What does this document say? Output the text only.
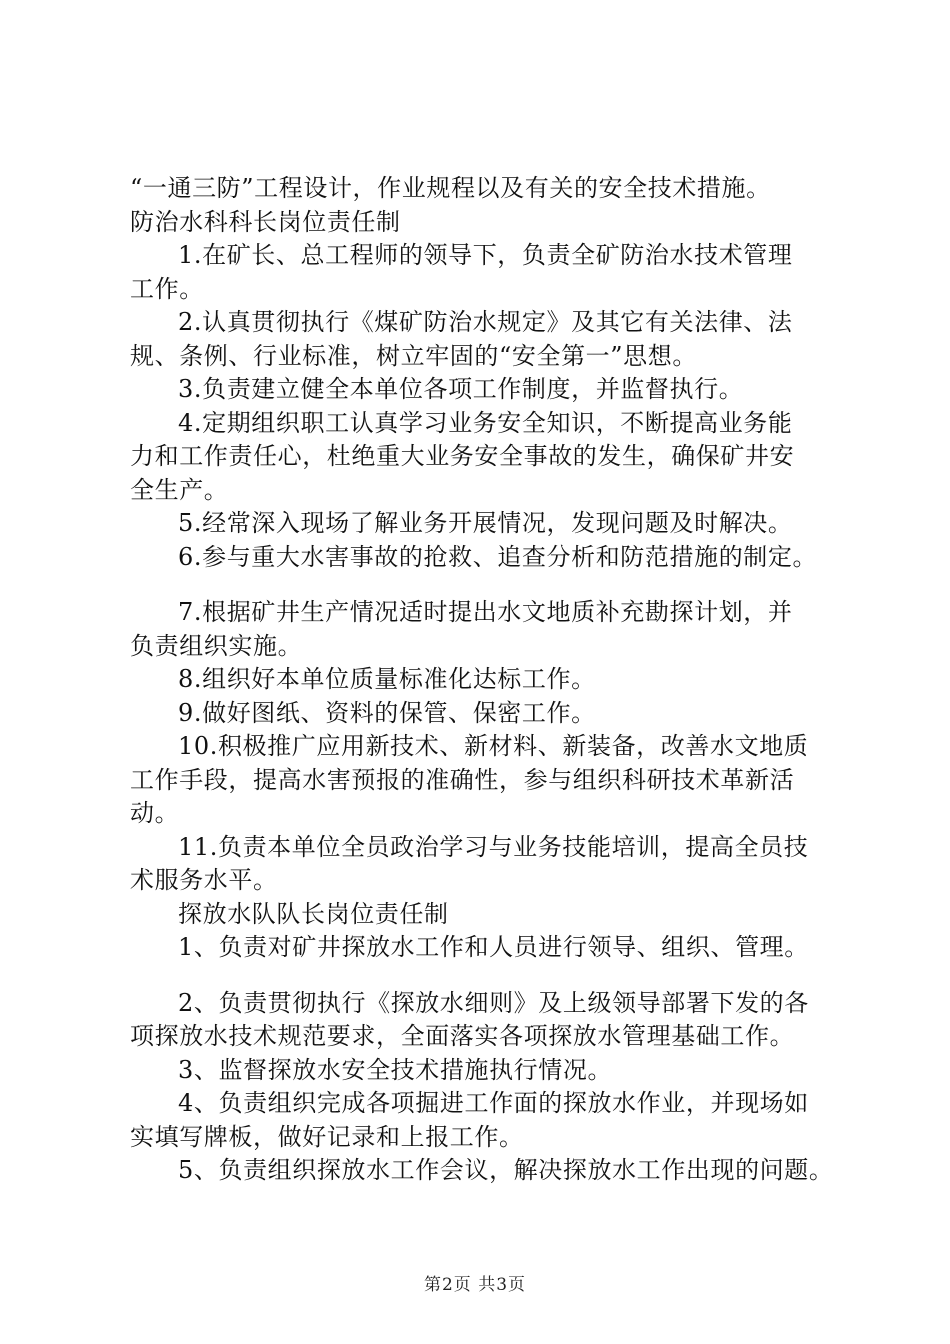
“一通三防”工程设计，作业规程以及有关的安全技术措施。
防治水科科长岗位责任制
1.在矿长、总工程师的领导下，负责全矿防治水技术管理
工作。
2.认真贯彻执行《煤矿防治水规定》及其它有关法律、法
规、条例、行业标准，树立牢固的“安全第一”思想。
3.负责建立健全本单位各项工作制度，并监督执行。
4.定期组织职工认真学习业务安全知识，不断提高业务能
力和工作责任心，杜绝重大业务安全事故的发生，确保矿井安
全生产。
5.经常深入现场了解业务开展情况，发现问题及时解决。
6.参与重大水害事故的抢救、追查分析和防范措施的制定。
7.根据矿井生产情况适时提出水文地质补充勘探计划，并
负责组织实施。
8.组织好本单位质量标准化达标工作。
9.做好图纸、资料的保管、保密工作。
10.积极推广应用新技术、新材料、新装备，改善水文地质
工作手段，提高水害预报的准确性，参与组织科研技术革新活
动。
11.负责本单位全员政治学习与业务技能培训，提高全员技
术服务水平。
探放水队队长岗位责任制
1、负责对矿井探放水工作和人员进行领导、组织、管理。
2、负责贯彻执行《探放水细则》及上级领导部署下发的各
项探放水技术规范要求，全面落实各项探放水管理基础工作。
3、监督探放水安全技术措施执行情况。
4、负责组织完成各项掘进工作面的探放水作业，并现场如
实填写牌板，做好记录和上报工作。
5、负责组织探放水工作会议，解决探放水工作出现的问题。
第2页 共3页
